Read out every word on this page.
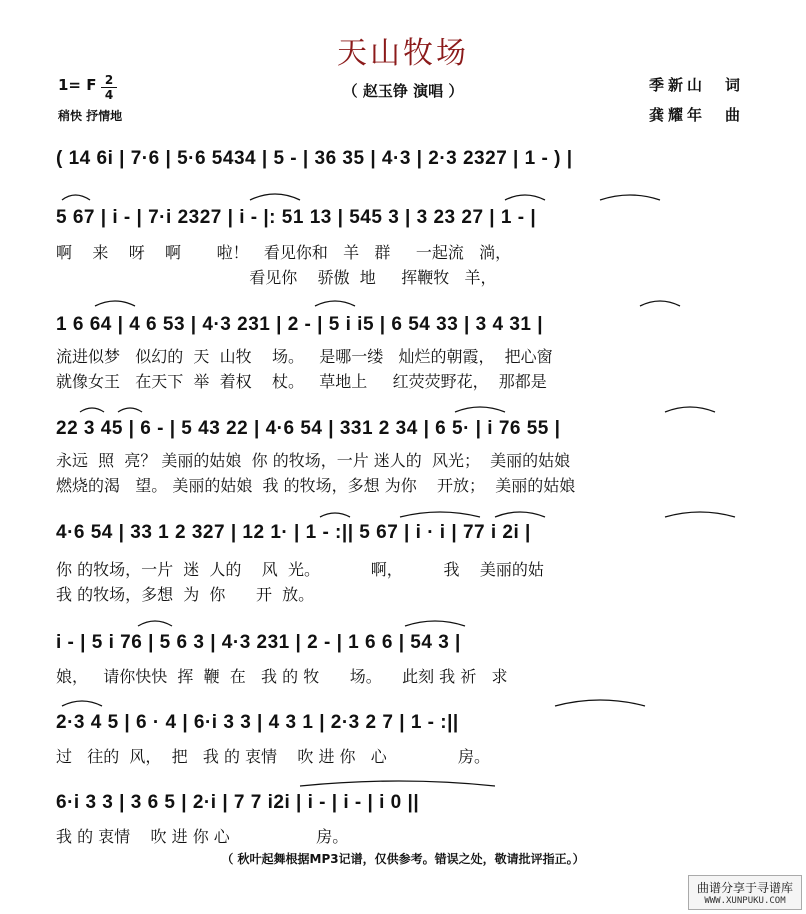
天山牧场
（ 赵玉铮 演唱 ）
1= F 2
4
稍快 抒情地
季新山　词
龚耀年　曲
( 14 6i | 7·6 | 5·6 5434 | 5 - | 36 35 | 4·3 | 2·3 2327 | 1 - ) |
5 67 | i - | 7·i 2327 | i - |: 51 13 | 545 3 | 3 23 27 | 1 - |
啊    来    呀    啊       啦！   看见你和   羊   群     一起流   淌，
看见你    骄傲  地     挥鞭牧   羊，
1 6 64 | 4 6 53 | 4·3 231 | 2 - | 5 i i5 | 6 54 33 | 3 4 31 |
流进似梦   似幻的  天  山牧    场。   是哪一缕   灿烂的朝霞，  把心窗
就像女王   在天下  举  着权    杖。   草地上     红荧荧野花，  那都是
22 3 45 | 6 - | 5 43 22 | 4·6 54 | 331 2 34 | 6 5· | i 76 55 |
永远  照  亮？ 美丽的姑娘  你 的牧场，一片 迷人的  风光；  美丽的姑娘
燃烧的渴   望。 美丽的姑娘  我 的牧场，多想 为你    开放；  美丽的姑娘
4·6 54 | 33 1 2 327 | 12 1· | 1 - :|| 5 67 | i · i | 77 i 2i |
你 的牧场，一片  迷  人的    风  光。          啊，        我    美丽的姑
我 的牧场，多想  为  你      开  放。
i - | 5 i 76 | 5 6 3 | 4·3 231 | 2 - | 1 6 6 | 54 3 |
娘，   请你快快  挥  鞭  在   我 的 牧      场。    此刻 我 祈   求
2·3 4 5 | 6 · 4 | 6·i 3 3 | 4 3 1 | 2·3 2 7 | 1 - :||
过   往的  风，  把   我 的 衷情    吹 进 你   心              房。
6·i 3 3 | 3 6 5 | 2·i | 7 7 i2i | i - | i - | i 0 ||
我 的 衷情    吹 进 你 心                 房。
（ 秋叶起舞根据MP3记谱，仅供参考。错误之处，敬请批评指正。）
曲谱分享于寻谱库
WWW.XUNPUKU.COM
